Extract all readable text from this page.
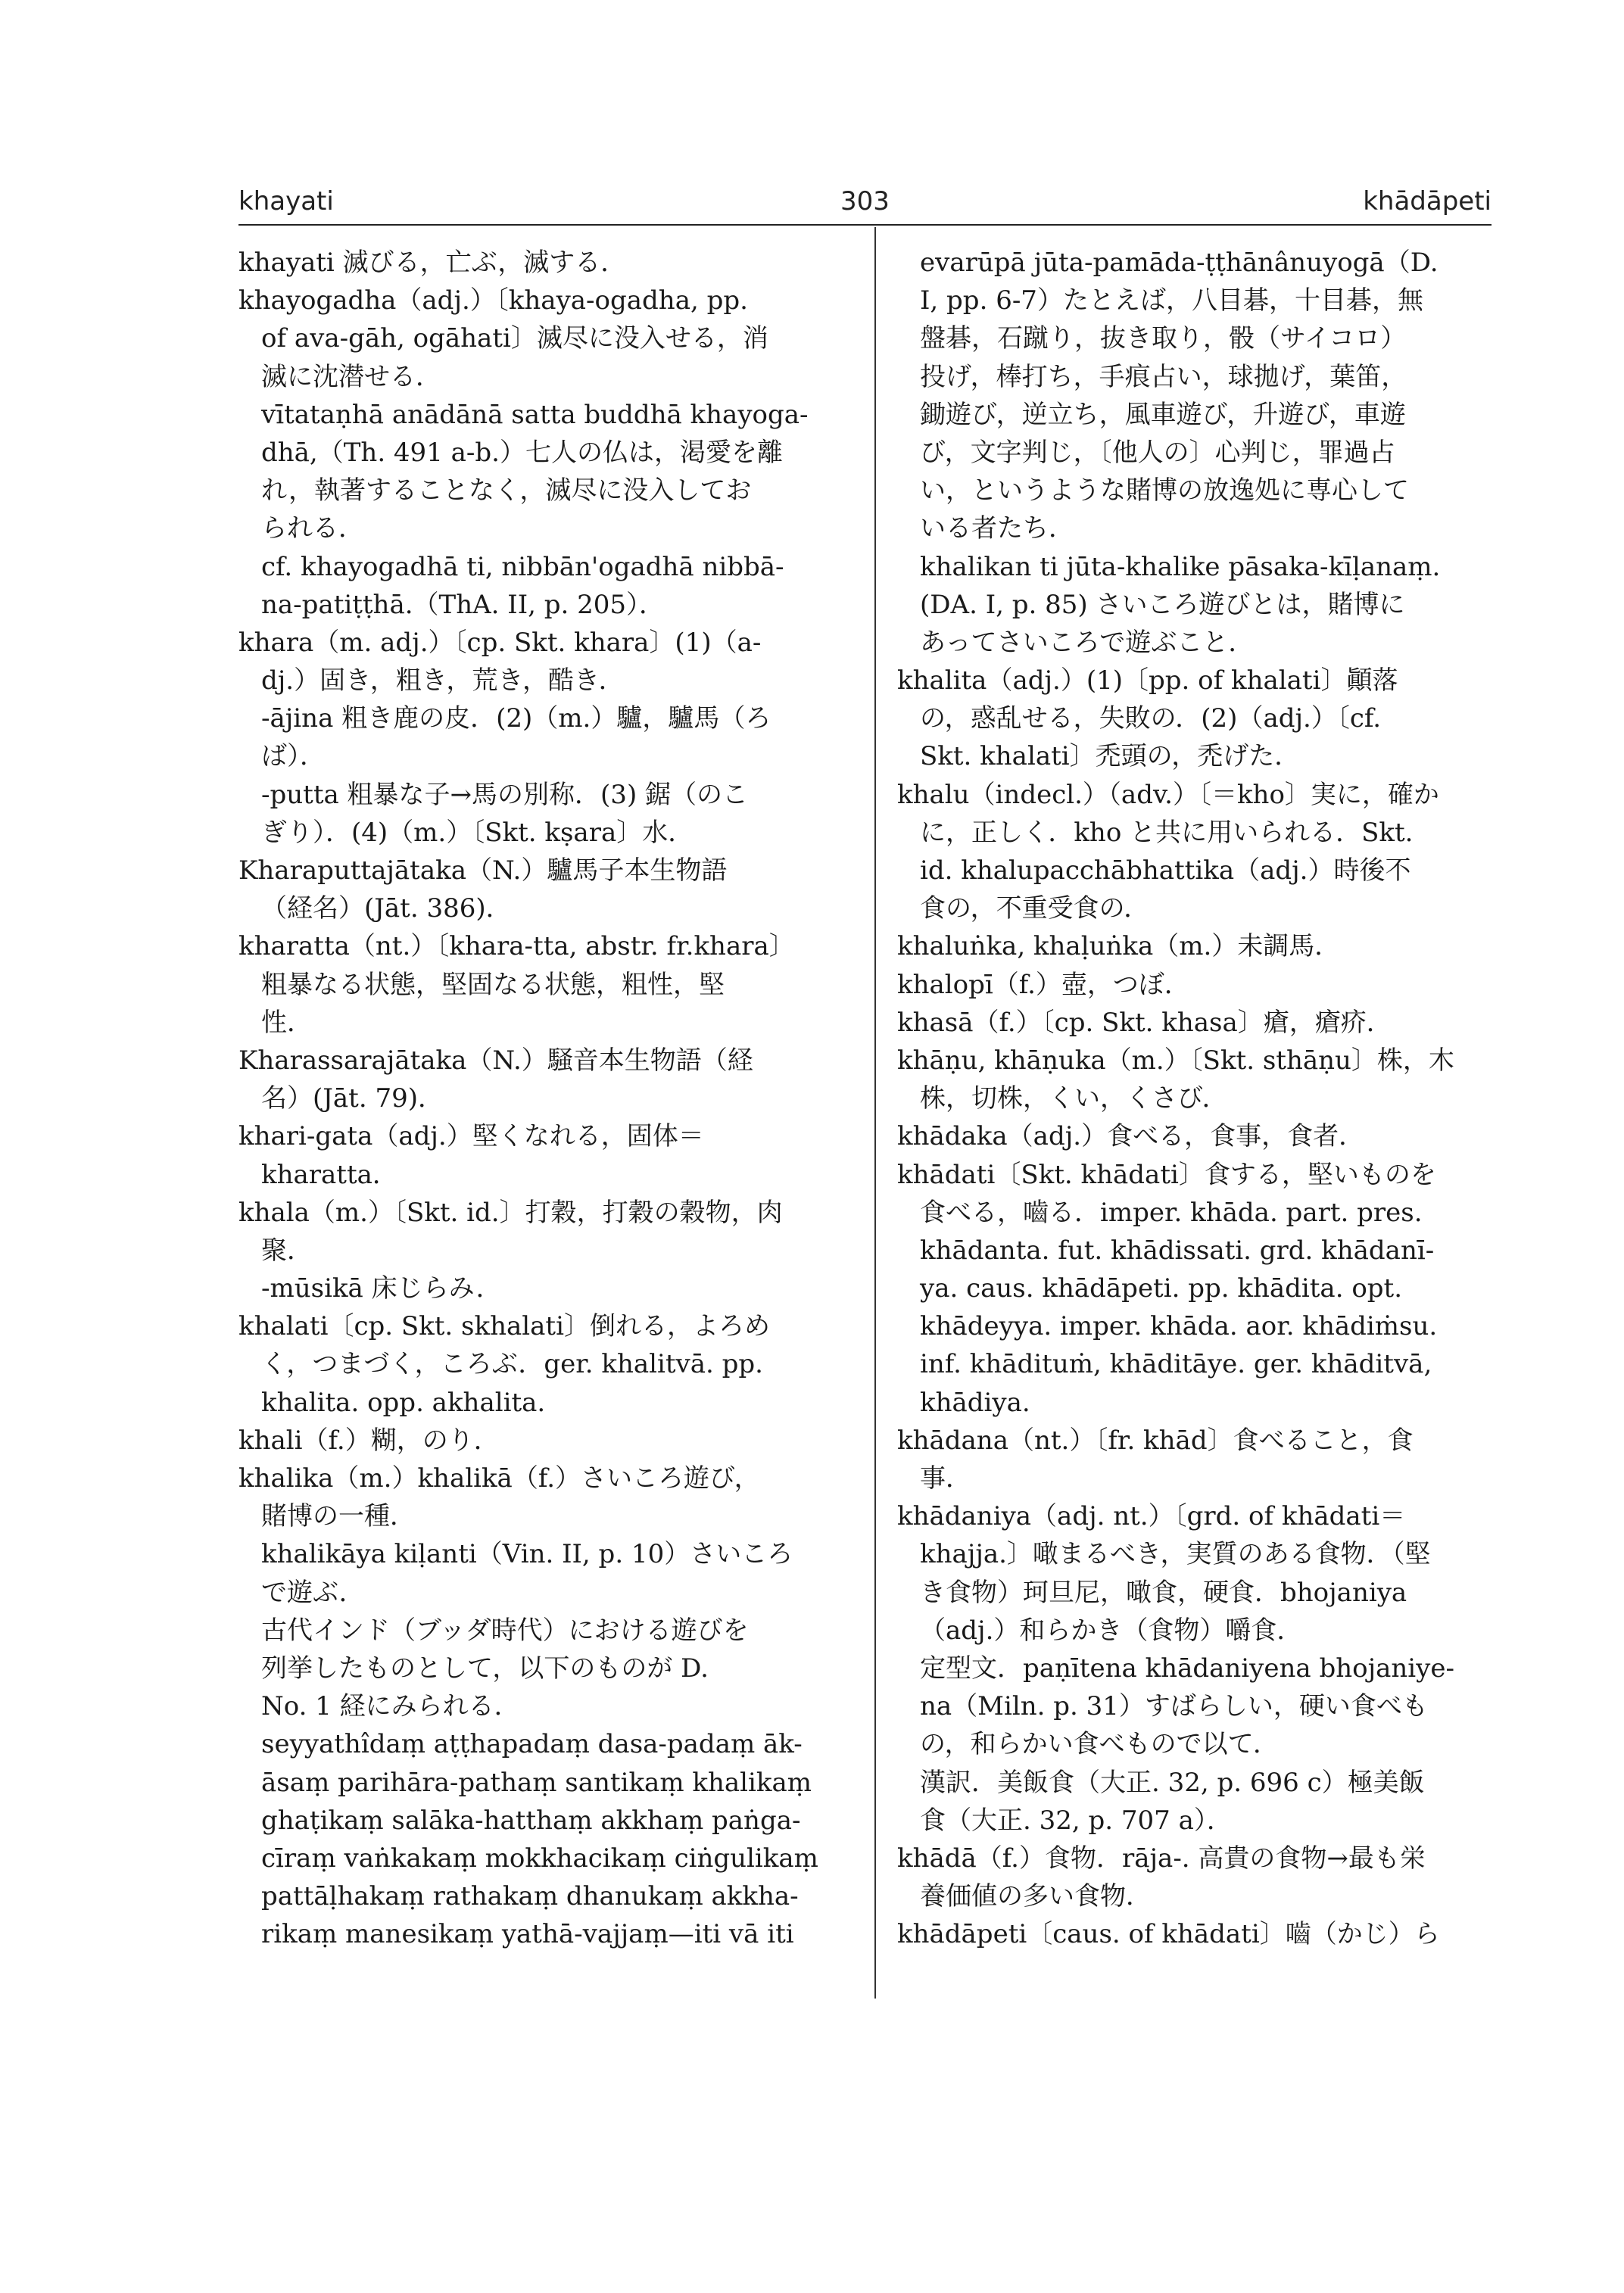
khayati	303	khādāpeti
khayati 滅びる，亡ぶ，滅する．
khayogadha（adj.）〔khaya-ogadha, pp.
of ava-gāh, ogāhati〕滅尽に没入せる，消
滅に沈潜せる．
vītataṇhā anādānā satta buddhā khayoga-
dhā,（Th. 491 a-b.）七人の仏は，渇愛を離
れ，執著することなく，滅尽に没入してお
られる．
cf. khayogadhā ti, nibbān'ogadhā nibbā-
na-patiṭṭhā.（ThA. II, p. 205）．
khara（m. adj.）〔cp. Skt. khara〕(1)（a-
dj.）固き，粗き，荒き，酷き．
-ājina 粗き鹿の皮．(2)（m.）驢，驢馬（ろ
ば）．
-putta 粗暴な子→馬の別称．(3) 鋸（のこ
ぎり）．(4)（m.）〔Skt. kṣara〕水．
Kharaputtajātaka（N.）驢馬子本生物語
（経名）(Jāt. 386)．
kharatta（nt.）〔khara-tta, abstr. fr.khara〕
粗暴なる状態，堅固なる状態，粗性，堅
性．
Kharassarajātaka（N.）騒音本生物語（経
名）(Jāt. 79)．
khari-gata（adj.）堅くなれる，固体＝
kharatta．
khala（m.）〔Skt. id.〕打穀，打穀の穀物，肉
聚．
-mūsikā 床じらみ．
khalati〔cp. Skt. skhalati〕倒れる，よろめ
く，つまづく，ころぶ．ger. khalitvā. pp.
khalita. opp. akhalita.
khali（f.）糊，のり．
khalika（m.）khalikā（f.）さいころ遊び，
賭博の一種．
khalikāya kiḷanti（Vin. II, p. 10）さいころ
で遊ぶ．
古代インド（ブッダ時代）における遊びを
列挙したものとして，以下のものが D.
No. 1 経にみられる．
seyyathîdaṃ aṭṭhapadaṃ dasa-padaṃ āk-
āsaṃ parihāra-pathaṃ santikaṃ khalikaṃ
ghaṭikaṃ salāka-hatthaṃ akkhaṃ paṅga-
cīraṃ vaṅkakaṃ mokkhacikaṃ ciṅgulikaṃ
pattāḷhakaṃ rathakaṃ dhanukaṃ akkha-
rikaṃ manesikaṃ yathā-vajjaṃ—iti vā iti
evarūpā jūta-pamāda-ṭṭhānânuyogā（D.
I, pp. 6-7）たとえば，八目碁，十目碁，無
盤碁，石蹴り，抜き取り，骰（サイコロ）
投げ，棒打ち，手痕占い，球拋げ，葉笛，
鋤遊び，逆立ち，風車遊び，升遊び，車遊
び，文字判じ，〔他人の〕心判じ，罪過占
い，というような賭博の放逸処に専心して
いる者たち．
khalikan ti jūta-khalike pāsaka-kīḷanaṃ.
(DA. I, p. 85) さいころ遊びとは，賭博に
あってさいころで遊ぶこと．
khalita（adj.）(1)〔pp. of khalati〕顚落
の，惑乱せる，失敗の．(2)（adj.）〔cf.
Skt. khalati〕禿頭の，禿げた．
khalu（indecl.）（adv.）〔＝kho〕実に，確か
に，正しく．kho と共に用いられる．Skt.
id. khalupacchābhattika（adj.）時後不
食の，不重受食の．
khaluṅka, khaḷuṅka（m.）未調馬．
khalopī（f.）壺，つぼ．
khasā（f.）〔cp. Skt. khasa〕瘡，瘡疥．
khāṇu, khāṇuka（m.）〔Skt. sthāṇu〕株，木
株，切株，くい，くさび．
khādaka（adj.）食べる，食事，食者．
khādati〔Skt. khādati〕食する，堅いものを
食べる，嚙る．imper. khāda. part. pres.
khādanta. fut. khādissati. grd. khādanī-
ya. caus. khādāpeti. pp. khādita. opt.
khādeyya. imper. khāda. aor. khādiṁsu.
inf. khādituṁ, khāditāye. ger. khāditvā,
khādiya.
khādana（nt.）〔fr. khād〕食べること，食
事．
khādaniya（adj. nt.）〔grd. of khādati＝
khajja.〕噉まるべき，実質のある食物．（堅
き食物）珂旦尼，噉食，硬食．bhojaniya
（adj.）和らかき（食物）嚼食．
定型文．paṇītena khādaniyena bhojaniye-
na（Miln. p. 31）すばらしい，硬い食べも
の，和らかい食べもので以て．
漢訳．美飯食（大正. 32, p. 696 c）極美飯
食（大正. 32, p. 707 a）．
khādā（f.）食物．rāja-. 高貴の食物→最も栄
養価値の多い食物．
khādāpeti〔caus. of khādati〕嚙（かじ）ら
